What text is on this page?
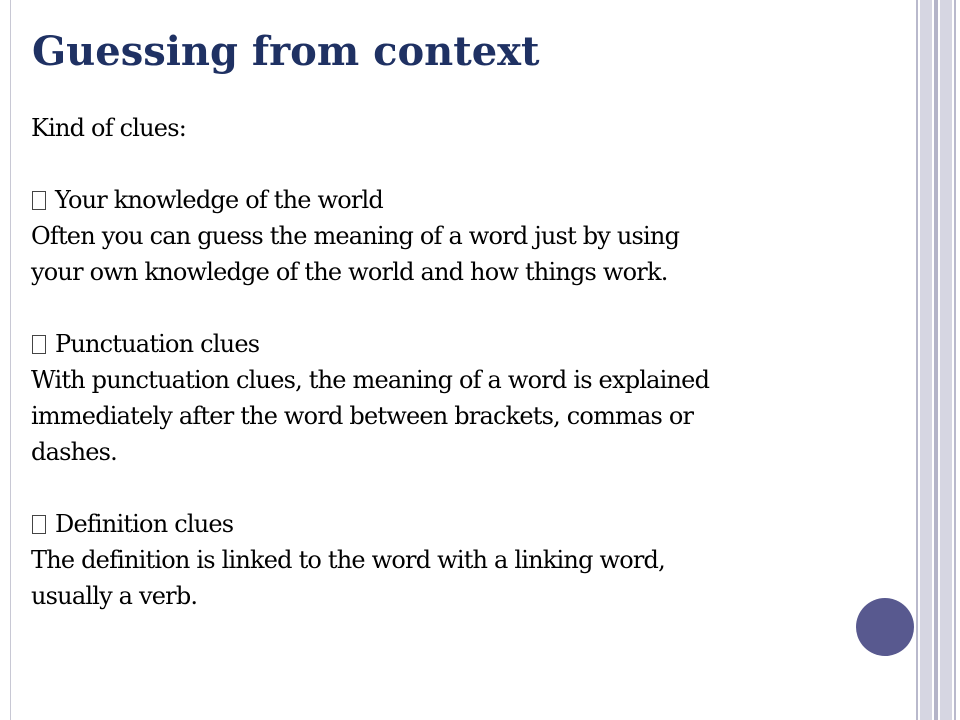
Guessing from context

Kind of clues:

Your knowledge of the world

Often you can guess the meaning of a word just by using

your own knowledge of the world and how things work.

Punctuation clues

With punctuation clues, the meaning of a word is explained

immediately after the word between brackets, commas or

dashes.

Definition clues

The definition is linked to the word with a linking word,

usually a verb.
